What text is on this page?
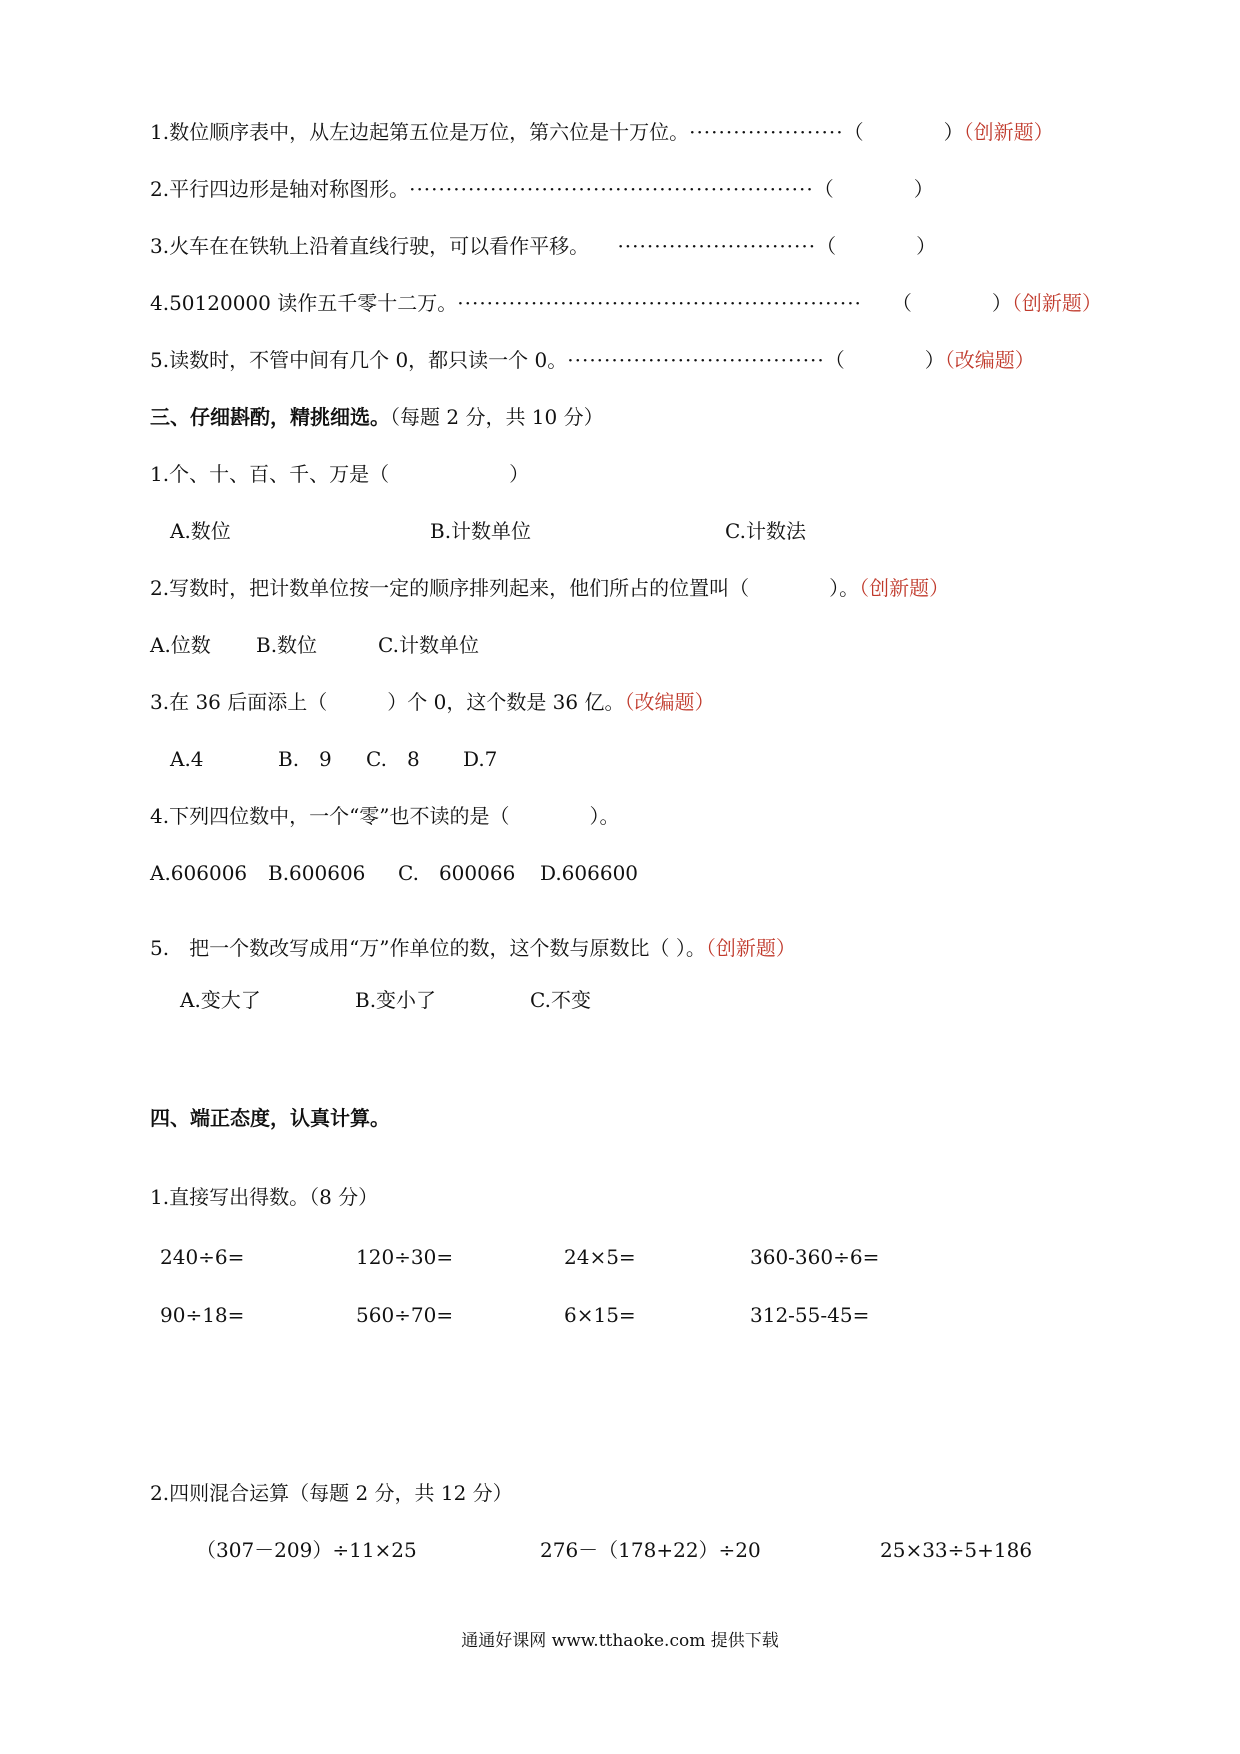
1.数位顺序表中，从左边起第五位是万位，第六位是十万位。·····················（　　　　）（创新题）
2.平行四边形是轴对称图形。·······················································（　　　　）
3.火车在在铁轨上沿着直线行驶，可以看作平移。　 ···························（　　　　）
4.50120000 读作五千零十二万。·······················································　　（　　　　）（创新题）
5.读数时，不管中间有几个 0，都只读一个 0。···································（　　　　）（改编题）
三、仔细斟酌，精挑细选。（每题 2 分，共 10 分）
1.个、十、百、千、万是（　　　　　　）
A.数位	B.计数单位	C.计数法
2.写数时，把计数单位按一定的顺序排列起来，他们所占的位置叫（　　　　）。（创新题）
A.位数 B.数位	C.计数单位
3.在 36 后面添上（　　　）个 0，这个数是 36 亿。（改编题）
A.4	B.　9 C.　8 D.7
4.下列四位数中，一个“零”也不读的是（　　　　）。
A.606006 B.600606 C.　600066 D.606600
5.　把一个数改写成用“万”作单位的数，这个数与原数比（ ）。（创新题）
A.变大了	B.变小了	C.不变
四、端正态度，认真计算。
1.直接写出得数。（8 分）
240÷6=	120÷30=	24×5=	360-360÷6=
90÷18=	560÷70=	6×15=	312-55-45=
2.四则混合运算（每题 2 分，共 12 分）
（307－209）÷11×25	276－（178+22）÷20	25×33÷5+186
通通好课网 www.tthaoke.com 提供下载
